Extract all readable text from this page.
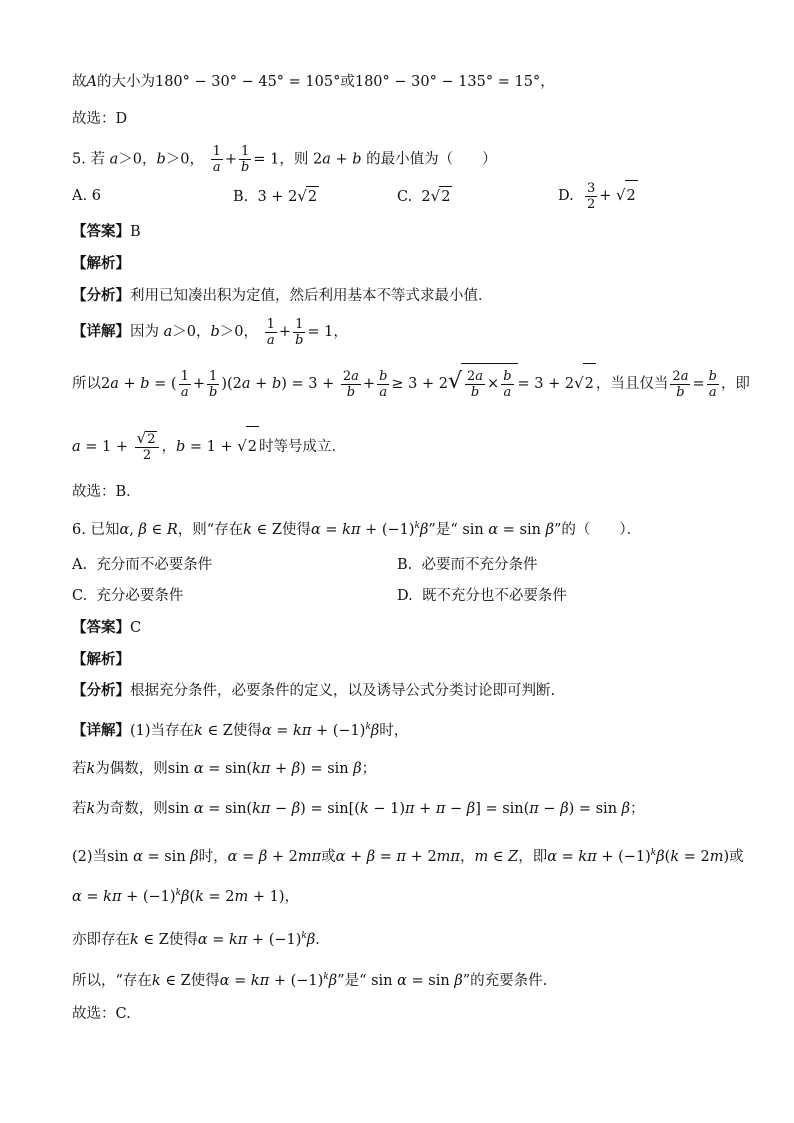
故A的大小为180° − 30° − 45° = 105°或180° − 30° − 135° = 15°，
故选：D
5. 若 a＞0，b＞0， $\frac{1}{a} + \frac{1}{b} = 1$，则 2a + b 的最小值为（　　）
A. 6	B.  3 + 2√2	C.  2√2	D. $\frac{3}{2} + √2$
【答案】B
【解析】
【分析】利用已知凑出积为定值，然后利用基本不等式求最小值．
【详解】因为 a＞0，b＞0， $\frac{1}{a} + \frac{1}{b} = 1$，
所以2a + b = ( $\frac{1}{a} + \frac{1}{b} )(2a + b) = 3 + \frac{2a}{b} + \frac{b}{a} \ge 3 + 2√ \frac{2a}{b} \times \frac{b}{a} = 3 + 2√2$ ，当且仅当 $\frac{2a}{b} = \frac{b}{a}$ ，即
$a = 1 + \frac{√2}{2}$ ，b = 1 + √2 时等号成立．
故选：B．
6. 已知α, β ∈ R，则“存在k ∈ Z使得$\alpha = k\pi + (-1)^k\beta$”是“ sin α = sin β”的（　　）．
A. 充分而不必要条件	B. 必要而不充分条件
C. 充分必要条件	D. 既不充分也不必要条件
【答案】C
【解析】
【分析】根据充分条件，必要条件的定义，以及诱导公式分类讨论即可判断.
【详解】(1)当存在k ∈ Z使得$\alpha = k\pi + (-1)^k\beta$时，
若k为偶数，则sin α = sin(kπ + β) = sin β；
若k为奇数，则sin α = sin(kπ − β) = sin[(k − 1)π + π − β] = sin(π − β) = sin β；
(2)当sin α = sin β时，α = β + 2mπ或α + β = π + 2mπ，m ∈ Z，即$\alpha = k\pi + (-1)^k\beta(k = 2m)$或
$\alpha = k\pi + (-1)^k\beta(k = 2m + 1)$，
亦即存在k ∈ Z使得$\alpha = k\pi + (-1)^k\beta$．
所以，“存在k ∈ Z使得$\alpha = k\pi + (-1)^k\beta$”是“ sin α = sin β”的充要条件.
故选：C.
